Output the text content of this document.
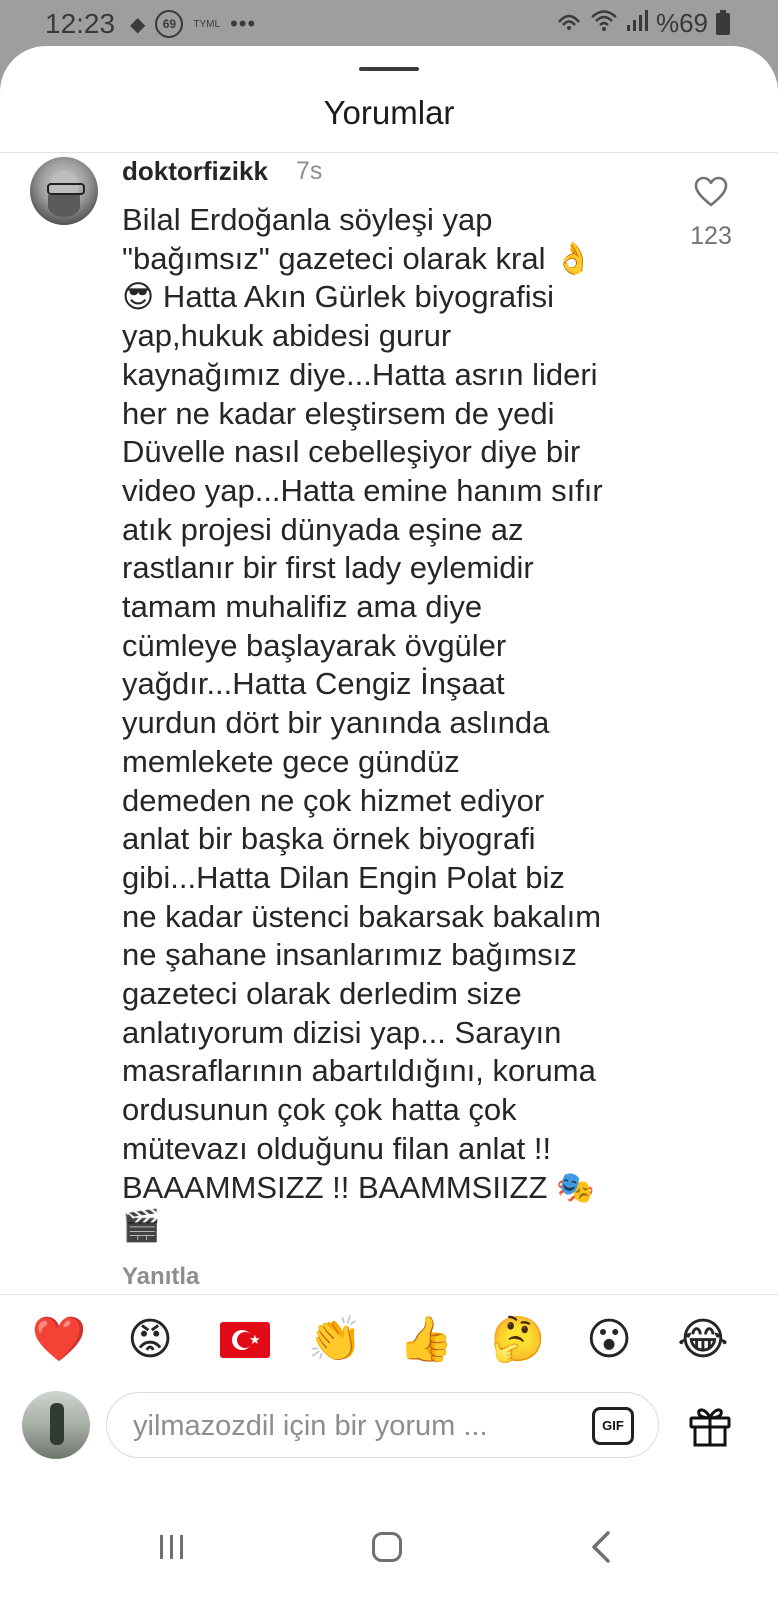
12:23 ◆	69	TYML •••	%69
Yorumlar
doktorfizikk 7s
Bilal Erdoğanla söyleşi yap
"bağımsız" gazeteci olarak kral 👌
😎 Hatta Akın Gürlek biyografisi
yap,hukuk abidesi gurur
kaynağımız diye...Hatta asrın lideri
her ne kadar eleştirsem de yedi
Düvelle nasıl cebelleşiyor diye bir
video yap...Hatta emine hanım sıfır
atık projesi dünyada eşine az
rastlanır bir first lady eylemidir
tamam muhalifiz ama diye
cümleye başlayarak övgüler
yağdır...Hatta Cengiz İnşaat
yurdun dört bir yanında aslında
memlekete gece gündüz
demeden ne çok hizmet ediyor
anlat bir başka örnek biyografi
gibi...Hatta Dilan Engin Polat biz
ne kadar üstenci bakarsak bakalım
ne şahane insanlarımız bağımsız
gazeteci olarak derledim size
anlatıyorum dizisi yap... Sarayın
masraflarının abartıldığını, koruma
ordusunun çok çok hatta çok
mütevazı olduğunu filan anlat !!
BAAAMMSIZZ !! BAAMMSIIZZ 🎭
🎬
123
Yanıtla
❤️ 😡	★ 👏 👍 🤔 😮 😂
yilmazozdil için bir yorum ...	GIF
